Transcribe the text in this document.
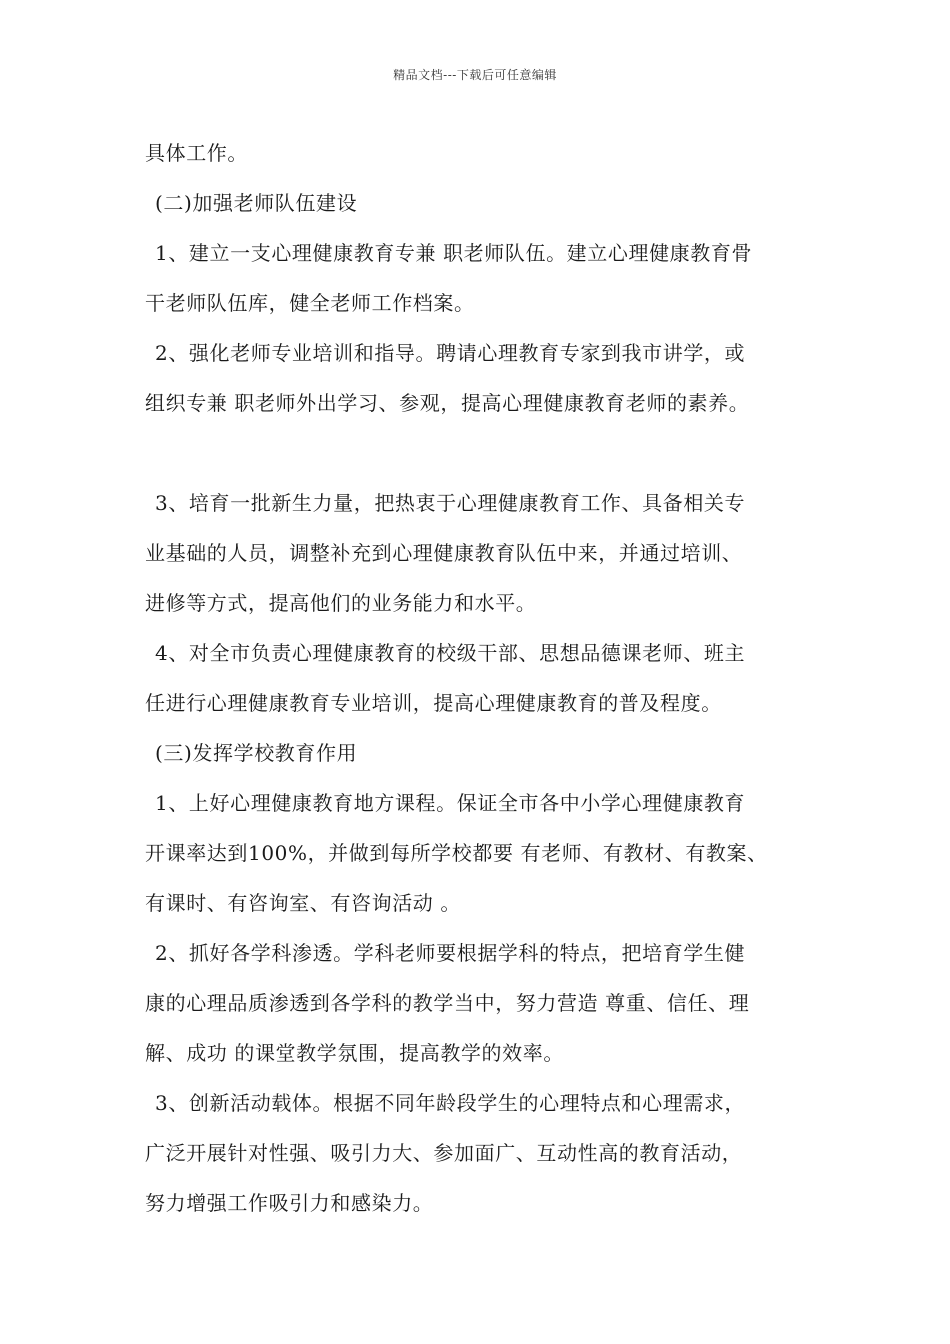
精品文档---下载后可任意编辑
具体工作。
(二)加强老师队伍建设
1、建立一支心理健康教育专兼 职老师队伍。建立心理健康教育骨
干老师队伍库，健全老师工作档案。
2、强化老师专业培训和指导。聘请心理教育专家到我市讲学，或
组织专兼 职老师外出学习、参观，提高心理健康教育老师的素养。
3、培育一批新生力量，把热衷于心理健康教育工作、具备相关专
业基础的人员，调整补充到心理健康教育队伍中来，并通过培训、
进修等方式，提高他们的业务能力和水平。
4、对全市负责心理健康教育的校级干部、思想品德课老师、班主
任进行心理健康教育专业培训，提高心理健康教育的普及程度。
(三)发挥学校教育作用
1、上好心理健康教育地方课程。保证全市各中小学心理健康教育
开课率达到100%，并做到每所学校都要 有老师、有教材、有教案、
有课时、有咨询室、有咨询活动 。
2、抓好各学科渗透。学科老师要根据学科的特点，把培育学生健
康的心理品质渗透到各学科的教学当中，努力营造 尊重、信任、理
解、成功 的课堂教学氛围，提高教学的效率。
3、创新活动载体。根据不同年龄段学生的心理特点和心理需求，
广泛开展针对性强、吸引力大、参加面广、互动性高的教育活动，
努力增强工作吸引力和感染力。
